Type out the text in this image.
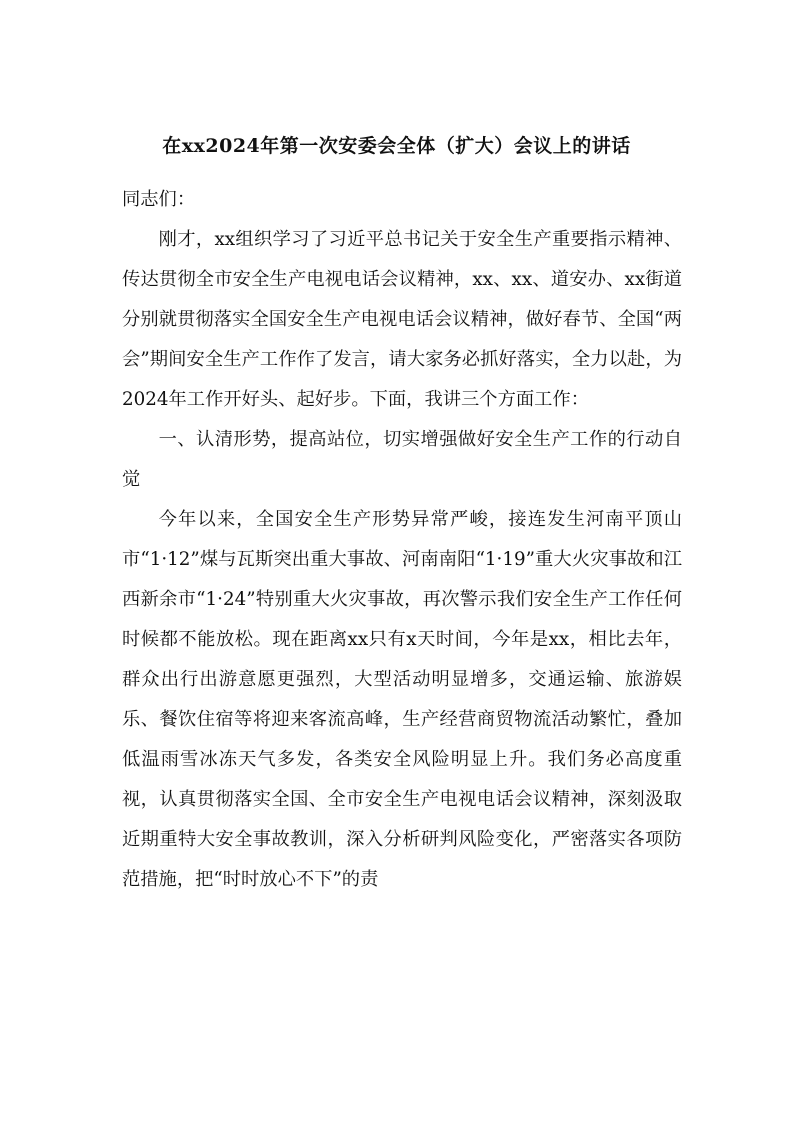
在xx2024年第一次安委会全体（扩大）会议上的讲话

同志们：

刚才，xx组织学习了习近平总书记关于安全生产重要指示精神、传达贯彻全市安全生产电视电话会议精神，xx、xx、道安办、xx街道分别就贯彻落实全国安全生产电视电话会议精神，做好春节、全国“两会”期间安全生产工作作了发言，请大家务必抓好落实，全力以赴，为2024年工作开好头、起好步。下面，我讲三个方面工作：

一、认清形势，提高站位，切实增强做好安全生产工作的行动自觉

今年以来，全国安全生产形势异常严峻，接连发生河南平顶山市“1·12”煤与瓦斯突出重大事故、河南南阳“1·19”重大火灾事故和江西新余市“1·24”特别重大火灾事故，再次警示我们安全生产工作任何时候都不能放松。现在距离xx只有x天时间，今年是xx，相比去年，群众出行出游意愿更强烈，大型活动明显增多，交通运输、旅游娱乐、餐饮住宿等将迎来客流高峰，生产经营商贸物流活动繁忙，叠加低温雨雪冰冻天气多发，各类安全风险明显上升。我们务必高度重视，认真贯彻落实全国、全市安全生产电视电话会议精神，深刻汲取近期重特大安全事故教训，深入分析研判风险变化，严密落实各项防范措施，把“时时放心不下”的责
